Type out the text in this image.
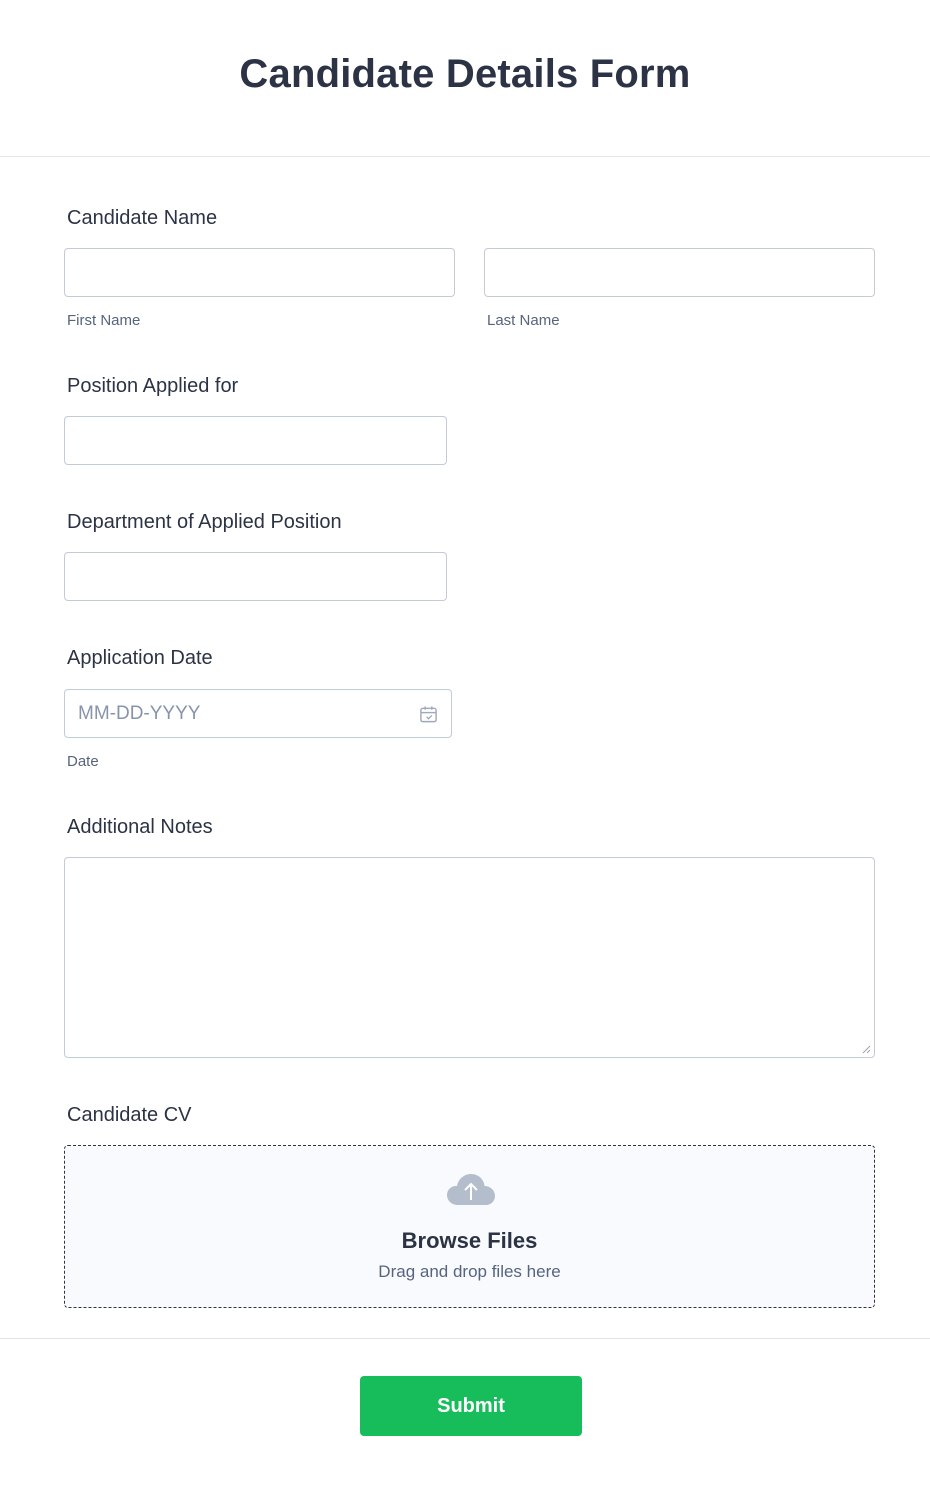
Candidate Details Form
Candidate Name
First Name	Last Name
Position Applied for
Department of Applied Position
Application Date
MM-DD-YYYY
Date
Additional Notes
Candidate CV
Browse Files
Drag and drop files here
Submit
